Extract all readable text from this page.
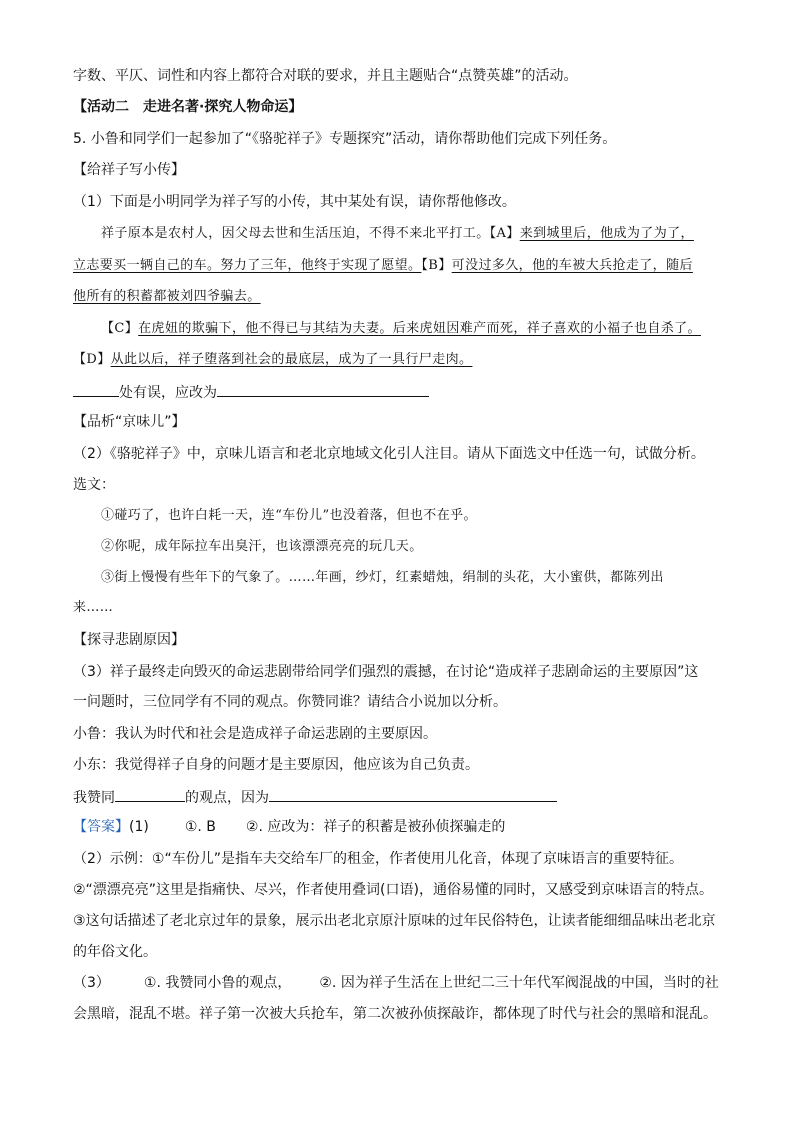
字数、平仄、词性和内容上都符合对联的要求，并且主题贴合“点赞英雄”的活动。
【活动二　走进名著·探究人物命运】
5. 小鲁和同学们一起参加了“《骆驼祥子》专题探究”活动，请你帮助他们完成下列任务。
【给祥子写小传】
（1）下面是小明同学为祥子写的小传，其中某处有误，请你帮他修改。
祥子原本是农村人，因父母去世和生活压迫，不得不来北平打工。【A】来到城里后，他成为了为了，
立志要买一辆自己的车。努力了三年，他终于实现了愿望。【B】可没过多久，他的车被大兵抢走了，随后
他所有的积蓄都被刘四爷骗去。
【C】在虎妞的欺骗下，他不得已与其结为夫妻。后来虎妞因难产而死，祥子喜欢的小福子也自杀了。
【D】从此以后，祥子堕落到社会的最底层，成为了一具行尸走肉。
处有误，应改为
【品析“京味儿”】
（2）《骆驼祥子》中，京味儿语言和老北京地域文化引人注目。请从下面选文中任选一句，试做分析。
选文：
①碰巧了，也许白耗一天，连“车份儿”也没着落，但也不在乎。
②你呢，成年际拉车出臭汗，也该漂漂亮亮的玩几天。
③街上慢慢有些年下的气象了。……年画，纱灯，红素蜡烛，绢制的头花，大小蜜供，都陈列出
来……
【探寻悲剧原因】
（3）祥子最终走向毁灭的命运悲剧带给同学们强烈的震撼，在讨论“造成祥子悲剧命运的主要原因”这
一问题时，三位同学有不同的观点。你赞同谁？请结合小说加以分析。
小鲁：我认为时代和社会是造成祥子命运悲剧的主要原因。
小东：我觉得祥子自身的问题才是主要原因，他应该为自己负责。
我赞同	的观点，因为
【答案】(1)	①. B ②. 应改为：祥子的积蓄是被孙侦探骗走的
（2）示例：①“车份儿”是指车夫交给车厂的租金，作者使用儿化音，体现了京味语言的重要特征。
②“漂漂亮亮”这里是指痛快、尽兴，作者使用叠词(口语)，通俗易懂的同时，又感受到京味语言的特点。
③这句话描述了老北京过年的景象，展示出老北京原汁原味的过年民俗特色，让读者能细细品味出老北京
的年俗文化。
（3） ①. 我赞同小鲁的观点， ②. 因为祥子生活在上世纪二三十年代军阀混战的中国，当时的社
会黑暗，混乱不堪。祥子第一次被大兵抢车，第二次被孙侦探敲诈，都体现了时代与社会的黑暗和混乱。
